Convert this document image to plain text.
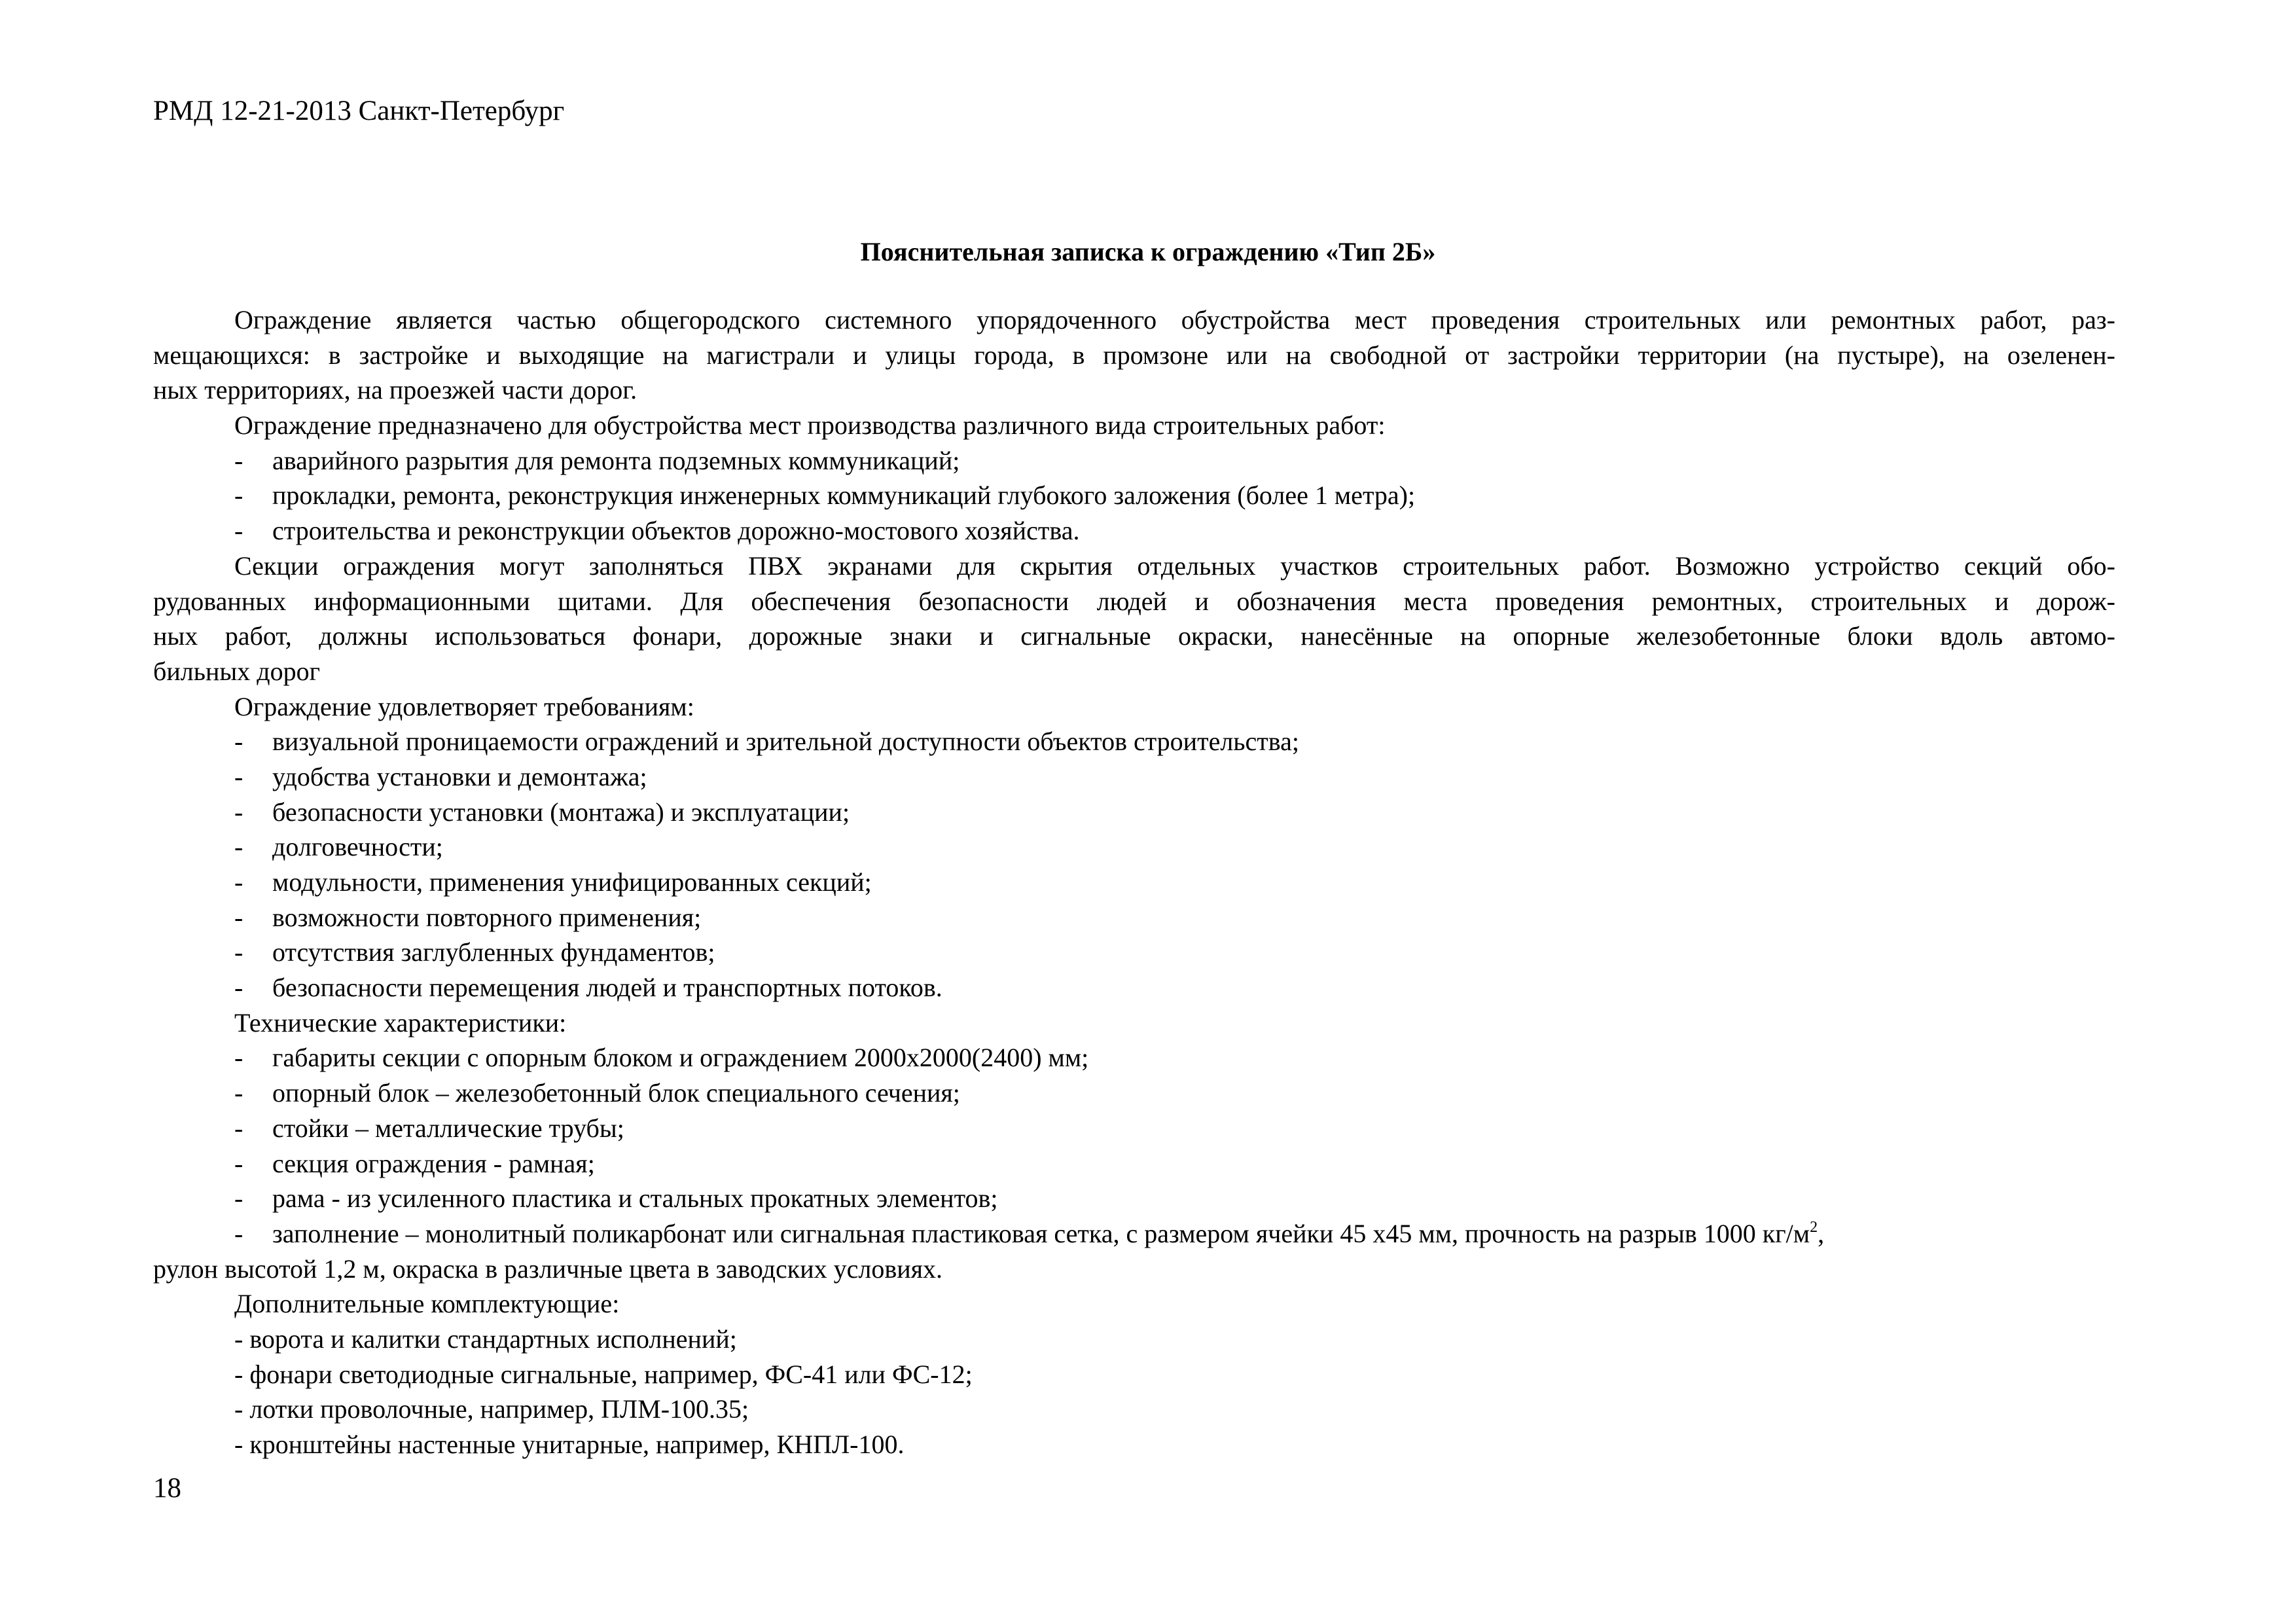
РМД 12-21-2013 Санкт-Петербург
Пояснительная записка к ограждению «Тип 2Б»
Ограждение является частью общегородского системного упорядоченного обустройства мест проведения строительных или ремонтных работ, раз-
мещающихся: в застройке и выходящие на магистрали и улицы города, в промзоне или на свободной от застройки территории (на пустыре), на озеленен-
ных территориях, на проезжей части дорог.
Ограждение предназначено для обустройства мест производства различного вида строительных работ:
- аварийного разрытия для ремонта подземных коммуникаций;
- прокладки, ремонта, реконструкция инженерных коммуникаций глубокого заложения (более 1 метра);
- строительства и реконструкции объектов дорожно-мостового хозяйства.
Секции ограждения могут заполняться ПВХ экранами для скрытия отдельных участков строительных работ. Возможно устройство секций обо-
рудованных информационными щитами. Для обеспечения безопасности людей и обозначения места проведения ремонтных, строительных и дорож-
ных работ, должны использоваться фонари, дорожные знаки и сигнальные окраски, нанесённые на опорные железобетонные блоки вдоль автомо-
бильных дорог
Ограждение удовлетворяет требованиям:
- визуальной проницаемости ограждений и зрительной доступности объектов строительства;
- удобства установки и демонтажа;
- безопасности установки (монтажа) и эксплуатации;
- долговечности;
- модульности, применения унифицированных секций;
- возможности повторного применения;
- отсутствия заглубленных фундаментов;
- безопасности перемещения людей и транспортных потоков.
Технические характеристики:
- габариты секции с опорным блоком и ограждением 2000х2000(2400) мм;
- опорный блок – железобетонный блок специального сечения;
- стойки – металлические трубы;
- секция ограждения - рамная;
- рама - из усиленного пластика и стальных прокатных элементов;
- заполнение – монолитный поликарбонат или сигнальная пластиковая сетка, с размером ячейки 45 х45 мм, прочность на разрыв 1000 $кг/м^2$,
рулон высотой 1,2 м, окраска в различные цвета в заводских условиях.
Дополнительные комплектующие:
- ворота и калитки стандартных исполнений;
- фонари светодиодные сигнальные, например, ФС-41 или ФС-12;
- лотки проволочные, например, ПЛМ-100.35;
- кронштейны настенные унитарные, например, КНПЛ-100.
18
